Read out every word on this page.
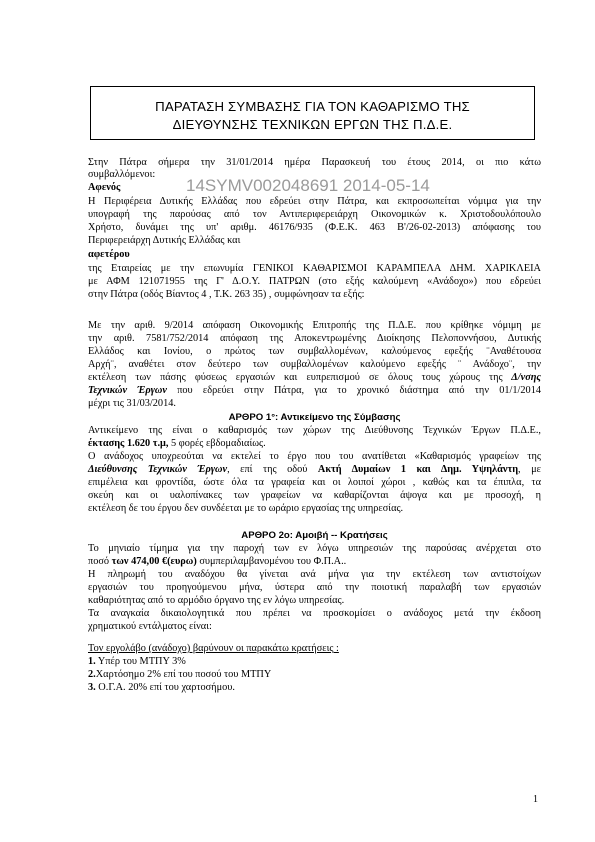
ΠΑΡΑΤΑΣΗ ΣΥΜΒΑΣΗΣ ΓΙΑ ΤΟΝ ΚΑΘΑΡΙΣΜΟ ΤΗΣ
ΔΙΕΥΘΥΝΣΗΣ ΤΕΧΝΙΚΩΝ ΕΡΓΩΝ ΤΗΣ Π.Δ.Ε.
Στην Πάτρα σήμερα την 31/01/2014 ημέρα Παρασκευή του έτους 2014, οι πιο κάτω
συμβαλλόμενοι:
14SYMV002048691 2014-05-14
Αφενός
Η Περιφέρεια Δυτικής Ελλάδας που εδρεύει στην Πάτρα, και εκπροσωπείται νόμιμα για την
υπογραφή της παρούσας από τον Αντιπεριφερειάρχη Οικονομικών κ. Χριστοδουλόπουλο
Χρήστο, δυνάμει της υπ' αριθμ. 46176/935 (Φ.Ε.Κ. 463 Β'/26-02-2013) απόφασης του
Περιφερειάρχη Δυτικής Ελλάδας και
αφετέρου
της Εταιρείας με την επωνυμία ΓΕΝΙΚΟΙ ΚΑΘΑΡΙΣΜΟΙ ΚΑΡΑΜΠΕΛΑ ΔΗΜ. ΧΑΡΙΚΛΕΙΑ
με ΑΦΜ 121071955 της Γ' Δ.Ο.Υ. ΠΑΤΡΩΝ (στο εξής καλούμενη «Ανάδοχο») που εδρεύει
στην Πάτρα (οδός Βίαντος 4 , Τ.Κ. 263 35) , συμφώνησαν τα εξής:
Με την αριθ. 9/2014 απόφαση Οικονομικής Επιτροπής της Π.Δ.Ε. που κρίθηκε νόμιμη με
την αριθ. 7581/752/2014 απόφαση της Αποκεντρωμένης Διοίκησης Πελοποννήσου, Δυτικής
Ελλάδος και Ιονίου, ο πρώτος των συμβαλλομένων, καλούμενος εφεξής ¨Αναθέτουσα
Αρχή¨, αναθέτει στον δεύτερο των συμβαλλομένων καλούμενο εφεξής ¨ Ανάδοχο¨, την
εκτέλεση των πάσης φύσεως εργασιών και ευπρεπισμού σε όλους τους χώρους της Δ/νσης
Τεχνικών Έργων που εδρεύει στην Πάτρα, για το χρονικό διάστημα από την 01/1/2014
μέχρι τις 31/03/2014.
ΑΡΘΡΟ 1°: Αντικείμενο της Σύμβασης
Αντικείμενο της είναι ο καθαρισμός των χώρων της Διεύθυνσης Τεχνικών Έργων Π.Δ.Ε.,
έκτασης 1.620 τ.μ, 5 φορές εβδομαδιαίως.
Ο ανάδοχος υποχρεούται να εκτελεί το έργο που του ανατίθεται «Καθαρισμός γραφείων της
Διεύθυνσης Τεχνικών Έργων, επί της οδού Ακτή Δυμαίων 1 και Δημ. Υψηλάντη, με
επιμέλεια και φροντίδα, ώστε όλα τα γραφεία και οι λοιποί χώροι , καθώς και τα έπιπλα, τα
σκεύη και οι υαλοπίνακες των γραφείων να καθαρίζονται άψογα και με προσοχή, η
εκτέλεση δε του έργου δεν συνδέεται με το ωράριο εργασίας της υπηρεσίας.
ΑΡΘΡΟ 2ο: Αμοιβή -- Κρατήσεις
Το μηνιαίο τίμημα για την παροχή των εν λόγω υπηρεσιών της παρούσας ανέρχεται στο
ποσό των 474,00 €(ευρω) συμπεριλαμβανομένου του Φ.Π.Α..
Η πληρωμή του αναδόχου θα γίνεται ανά μήνα για την εκτέλεση των αντιστοίχων
εργασιών του προηγούμενου μήνα, ύστερα από την ποιοτική παραλαβή των εργασιών
καθαριότητας από το αρμόδιο όργανο της εν λόγω υπηρεσίας.
Τα αναγκαία δικαιολογητικά που πρέπει να προσκομίσει ο ανάδοχος μετά την έκδοση
χρηματικού εντάλματος είναι:
Τον εργολάβο (ανάδοχο) βαρύνουν οι παρακάτω κρατήσεις :
1. Υπέρ του ΜΤΠΥ 3%
2.Χαρτόσημο 2% επί του ποσού του ΜΤΠΥ
3. Ο.Γ.Α. 20% επί του χαρτοσήμου.
1
